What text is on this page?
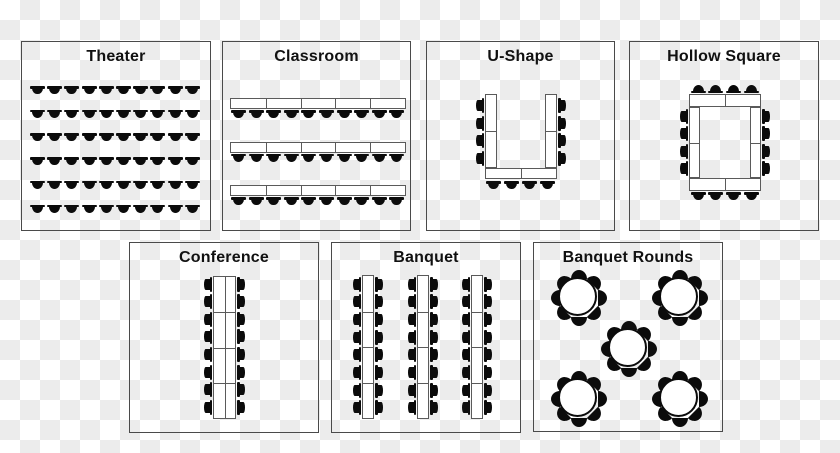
Theater	Classroom	U-Shape	Hollow Square
Conference	Banquet	Banquet Rounds
